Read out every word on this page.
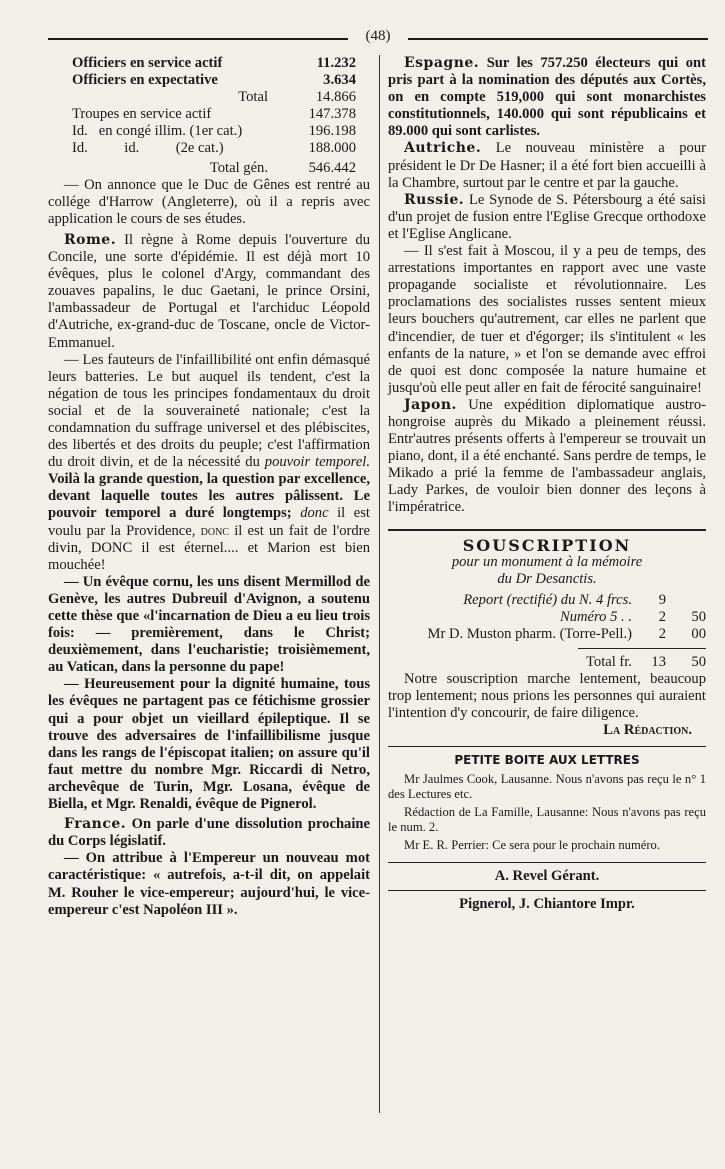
(48)
Officiers en service actif	11.232
Officiers en expectative	3.634
Total	14.866
Troupes en service actif	147.378
Id.   en congé illim. (1er cat.)	196.198
Id.          id.          (2e cat.)	188.000
Total gén.	546.442

— On annonce que le Duc de Gênes est rentré au collége d'Harrow (Angleterre), où il a repris avec application le cours de ses études.

Rome. Il règne à Rome depuis l'ouverture du Concile, une sorte d'épidémie. Il est déjà mort 10 évêques, plus le colonel d'Argy, commandant des zouaves papalins, le duc Gaetani, le prince Orsini, l'ambassadeur de Portugal et l'archiduc Léopold d'Autriche, ex-grand-duc de Toscane, oncle de Victor-Emmanuel.

— Les fauteurs de l'infaillibilité ont enfin démasqué leurs batteries. Le but auquel ils tendent, c'est la négation de tous les principes fondamentaux du droit social et de la souveraineté nationale; c'est la condamnation du suffrage universel et des plébiscites, des libertés et des droits du peuple; c'est l'affirmation du droit divin, et de la nécessité du pouvoir temporel. Voilà la grande question, la question par excellence, devant laquelle toutes les autres pâlissent. Le pouvoir temporel a duré longtemps; donc il est voulu par la Providence, donc il est un fait de l'ordre divin, DONC il est éternel.... et Marion est bien mouchée!

— Un évêque cornu, les uns disent Mermillod de Genève, les autres Dubreuil d'Avignon, a soutenu cette thèse que «l'incarnation de Dieu a eu lieu trois fois: — premièrement, dans le Christ; deuxièmement, dans l'eucharistie; troisièmement, au Vatican, dans la personne du pape!

— Heureusement pour la dignité humaine, tous les évêques ne partagent pas ce fétichisme grossier qui a pour objet un vieillard épileptique. Il se trouve des adversaires de l'infaillibilisme jusque dans les rangs de l'épiscopat italien; on assure qu'il faut mettre du nombre Mgr. Riccardi di Netro, archevêque de Turin, Mgr. Losana, évêque de Biella, et Mgr. Renaldi, évêque de Pignerol.

France. On parle d'une dissolution prochaine du Corps législatif.

— On attribue à l'Empereur un nouveau mot caractéristique: « autrefois, a-t-il dit, on appelait M. Rouher le vice-empereur; aujourd'hui, le vice-empereur c'est Napoléon III ».

Espagne. Sur les 757.250 électeurs qui ont pris part à la nomination des députés aux Cortès, on en compte 519,000 qui sont monarchistes constitutionnels, 140.000 qui sont républicains et 89.000 qui sont carlistes.

Autriche. Le nouveau ministère a pour président le Dr De Hasner; il a été fort bien accueilli à la Chambre, surtout par le centre et par la gauche.

Russie. Le Synode de S. Pétersbourg a été saisi d'un projet de fusion entre l'Eglise Grecque orthodoxe et l'Eglise Anglicane.

— Il s'est fait à Moscou, il y a peu de temps, des arrestations importantes en rapport avec une vaste propagande socialiste et révolutionnaire. Les proclamations des socialistes russes sentent mieux leurs bouchers qu'autrement, car elles ne parlent que d'incendier, de tuer et d'égorger; ils s'intitulent « les enfants de la nature, » et l'on se demande avec effroi de quoi est donc composée la nature humaine et jusqu'où elle peut aller en fait de férocité sanguinaire!

Japon. Une expédition diplomatique austro-hongroise auprès du Mikado a pleinement réussi. Entr'autres présents offerts à l'empereur se trouvait un piano, dont, il a été enchanté. Sans perdre de temps, le Mikado a prié la femme de l'ambassadeur anglais, Lady Parkes, de vouloir bien donner des leçons à l'impératrice.

SOUSCRIPTION
pour un monument à la mémoire
du Dr Desanctis.
Report (rectifié) du N. 4 frcs.	9
Numéro 5 . .	2	50
Mr D. Muston pharm. (Torre-Pell.)	2	00
Total fr.	13	50

Notre souscription marche lentement, beaucoup trop lentement; nous prions les personnes qui auraient l'intention d'y concourir, de faire diligence.

La Rédaction.
PETITE BOITE AUX LETTRES

Mr Jaulmes Cook, Lausanne. Nous n'avons pas reçu le n° 1 des Lectures etc.

Rédaction de La Famille, Lausanne: Nous n'avons pas reçu le num. 2.

Mr E. R. Perrier: Ce sera pour le prochain numéro.

A. Revel Gérant.
Pignerol, J. Chiantore Impr.
